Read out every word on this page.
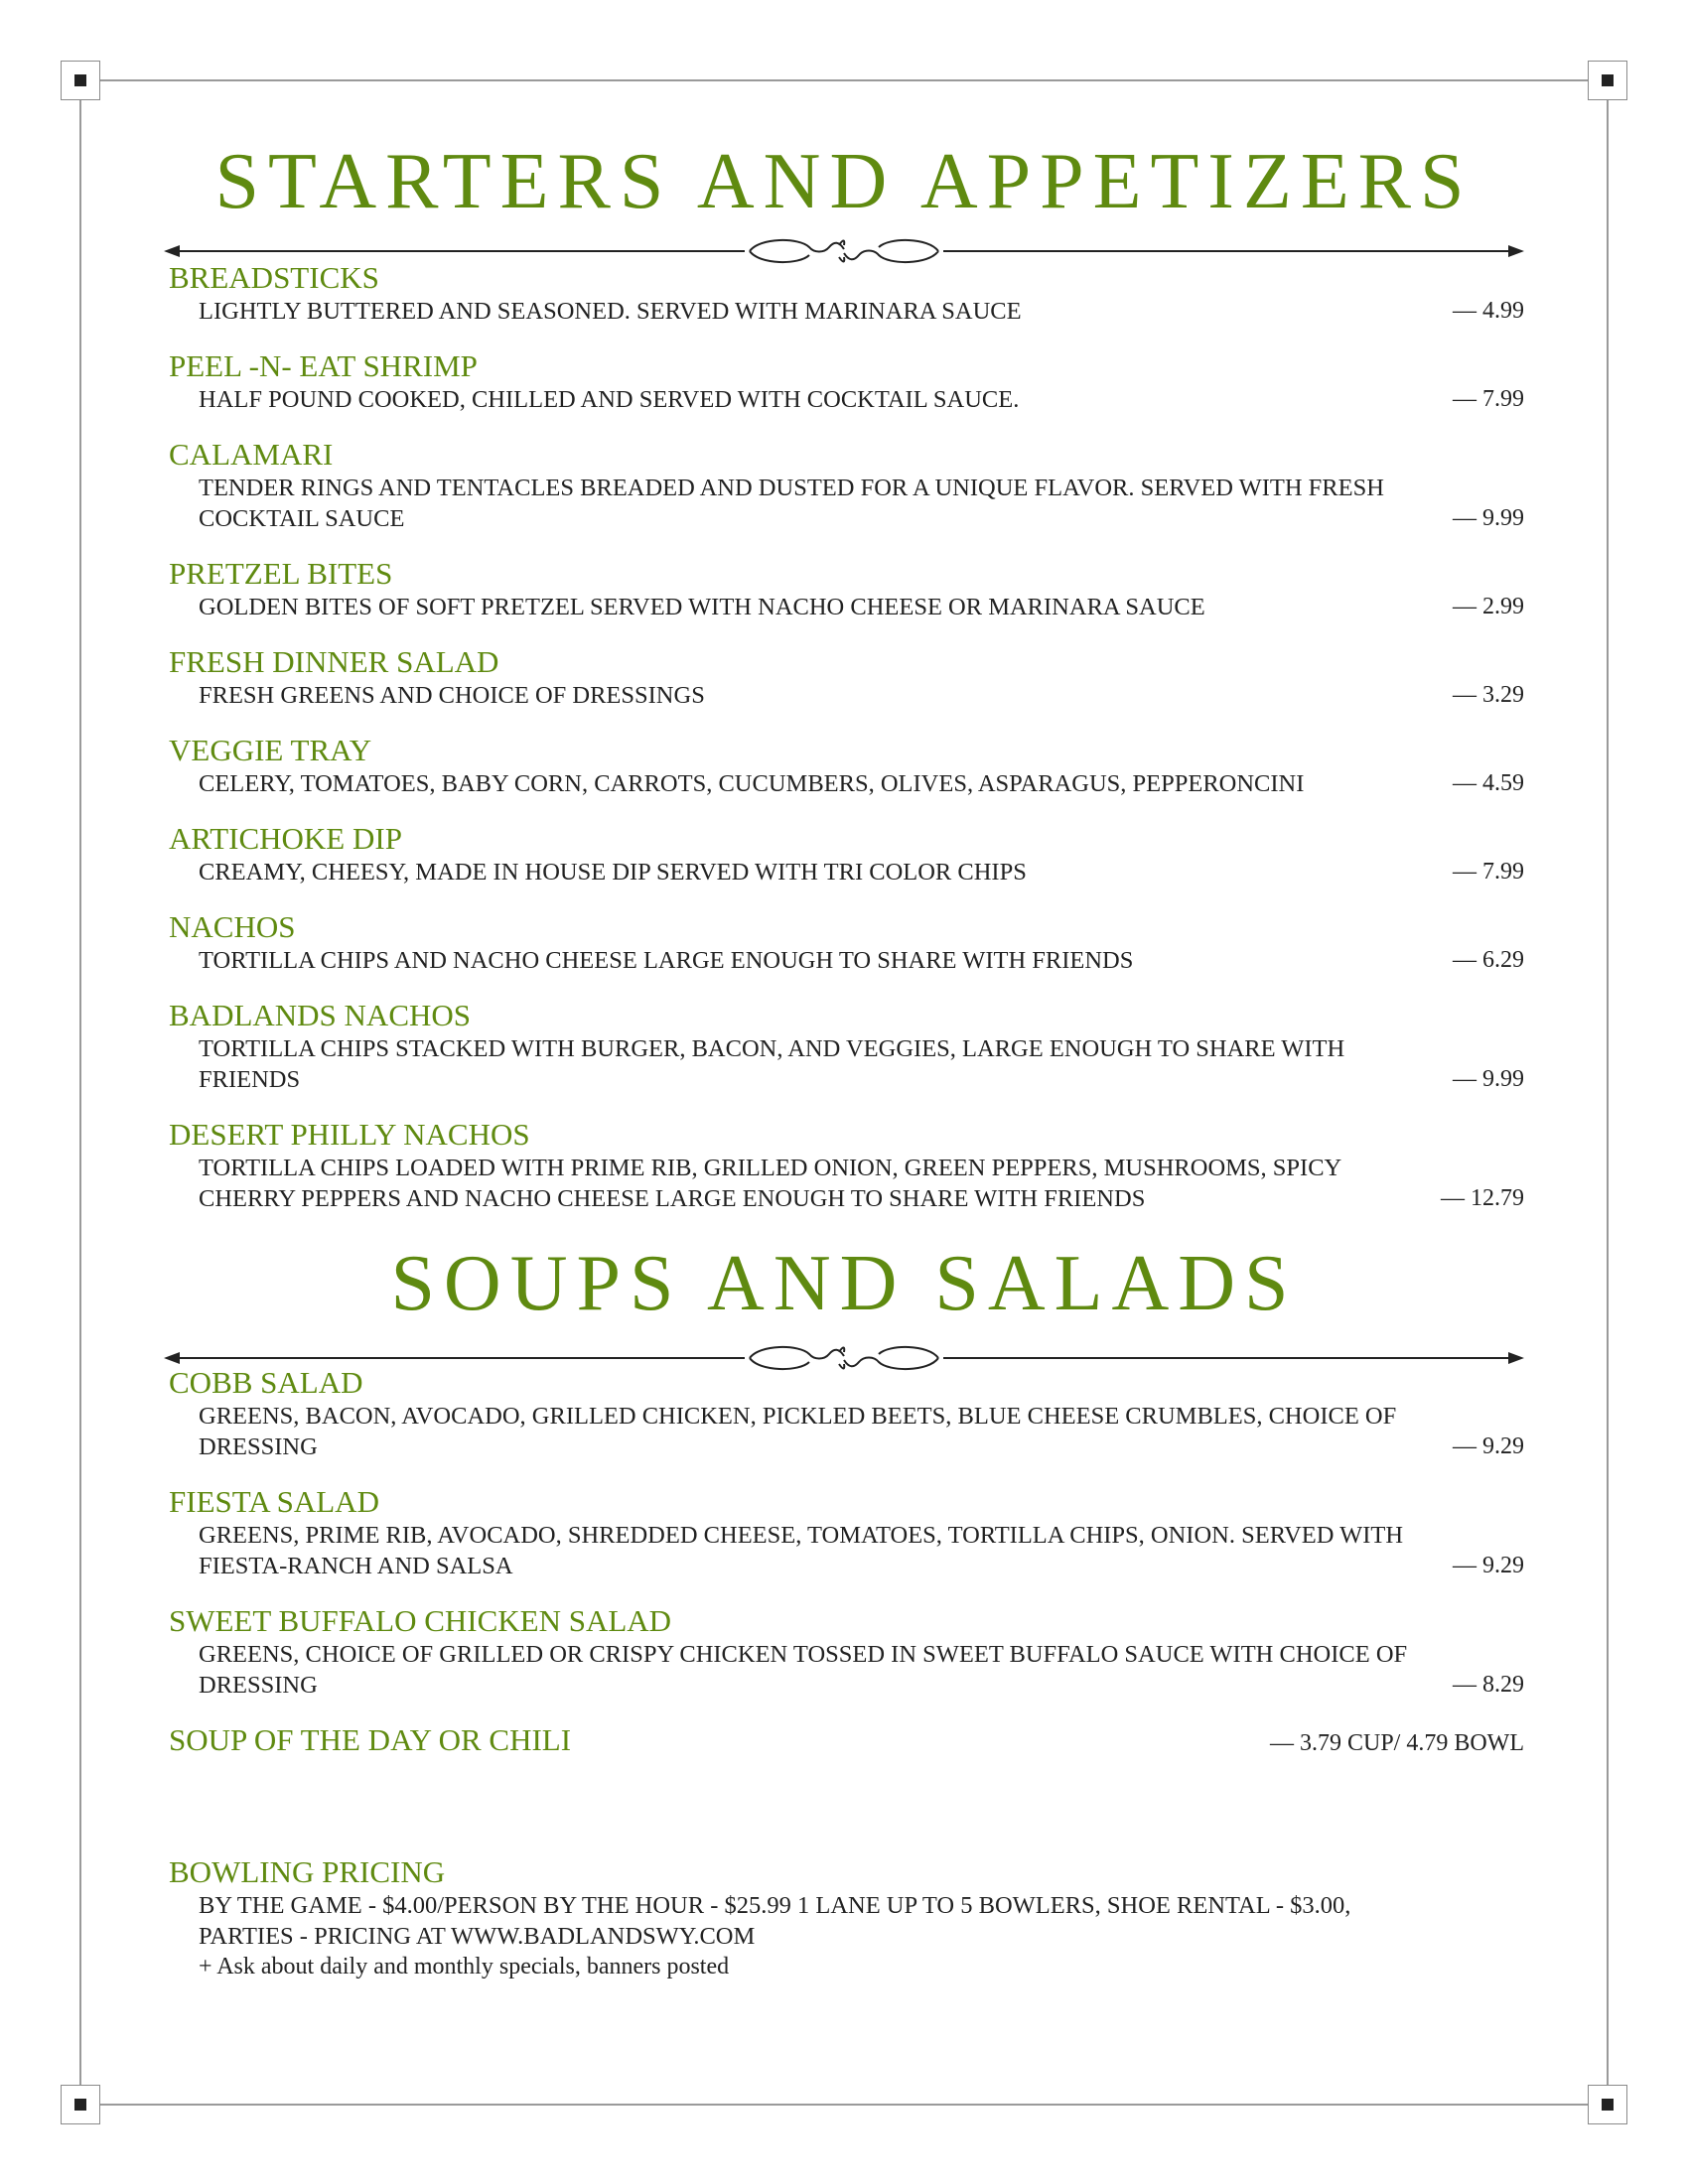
STARTERS AND APPETIZERS
BREADSTICKS
LIGHTLY BUTTERED AND SEASONED. SERVED WITH MARINARA SAUCE	— 4.99
PEEL -N- EAT SHRIMP
HALF POUND COOKED, CHILLED AND SERVED WITH COCKTAIL SAUCE.	— 7.99
CALAMARI
TENDER RINGS AND TENTACLES BREADED AND DUSTED FOR A UNIQUE FLAVOR. SERVED WITH FRESH COCKTAIL SAUCE	— 9.99
PRETZEL BITES
GOLDEN BITES OF SOFT PRETZEL SERVED WITH NACHO CHEESE OR MARINARA SAUCE	— 2.99
FRESH DINNER SALAD
FRESH GREENS AND CHOICE OF DRESSINGS	— 3.29
VEGGIE TRAY
CELERY, TOMATOES, BABY CORN, CARROTS, CUCUMBERS, OLIVES, ASPARAGUS, PEPPERONCINI	— 4.59
ARTICHOKE DIP
CREAMY, CHEESY, MADE IN HOUSE DIP SERVED WITH TRI COLOR CHIPS	— 7.99
NACHOS
TORTILLA CHIPS AND NACHO CHEESE LARGE ENOUGH TO SHARE WITH FRIENDS	— 6.29
BADLANDS NACHOS
TORTILLA CHIPS STACKED WITH BURGER, BACON, AND VEGGIES, LARGE ENOUGH TO SHARE WITH FRIENDS	— 9.99
DESERT PHILLY NACHOS
TORTILLA CHIPS LOADED WITH PRIME RIB, GRILLED ONION, GREEN PEPPERS, MUSHROOMS, SPICY CHERRY PEPPERS AND NACHO CHEESE LARGE ENOUGH TO SHARE WITH FRIENDS	— 12.79
SOUPS AND SALADS
COBB SALAD
GREENS, BACON, AVOCADO, GRILLED CHICKEN, PICKLED BEETS, BLUE CHEESE CRUMBLES, CHOICE OF DRESSING	— 9.29
FIESTA SALAD
GREENS, PRIME RIB, AVOCADO, SHREDDED CHEESE, TOMATOES, TORTILLA CHIPS, ONION. SERVED WITH FIESTA-RANCH AND SALSA	— 9.29
SWEET BUFFALO CHICKEN SALAD
GREENS, CHOICE OF GRILLED OR CRISPY CHICKEN TOSSED IN SWEET BUFFALO SAUCE WITH CHOICE OF DRESSING	— 8.29
SOUP OF THE DAY OR CHILI	— 3.79 CUP/ 4.79 BOWL
BOWLING PRICING
BY THE GAME - $4.00/PERSON BY THE HOUR - $25.99 1 LANE UP TO 5 BOWLERS, SHOE RENTAL - $3.00,
PARTIES - PRICING AT WWW.BADLANDSWY.COM
+ Ask about daily and monthly specials, banners posted
